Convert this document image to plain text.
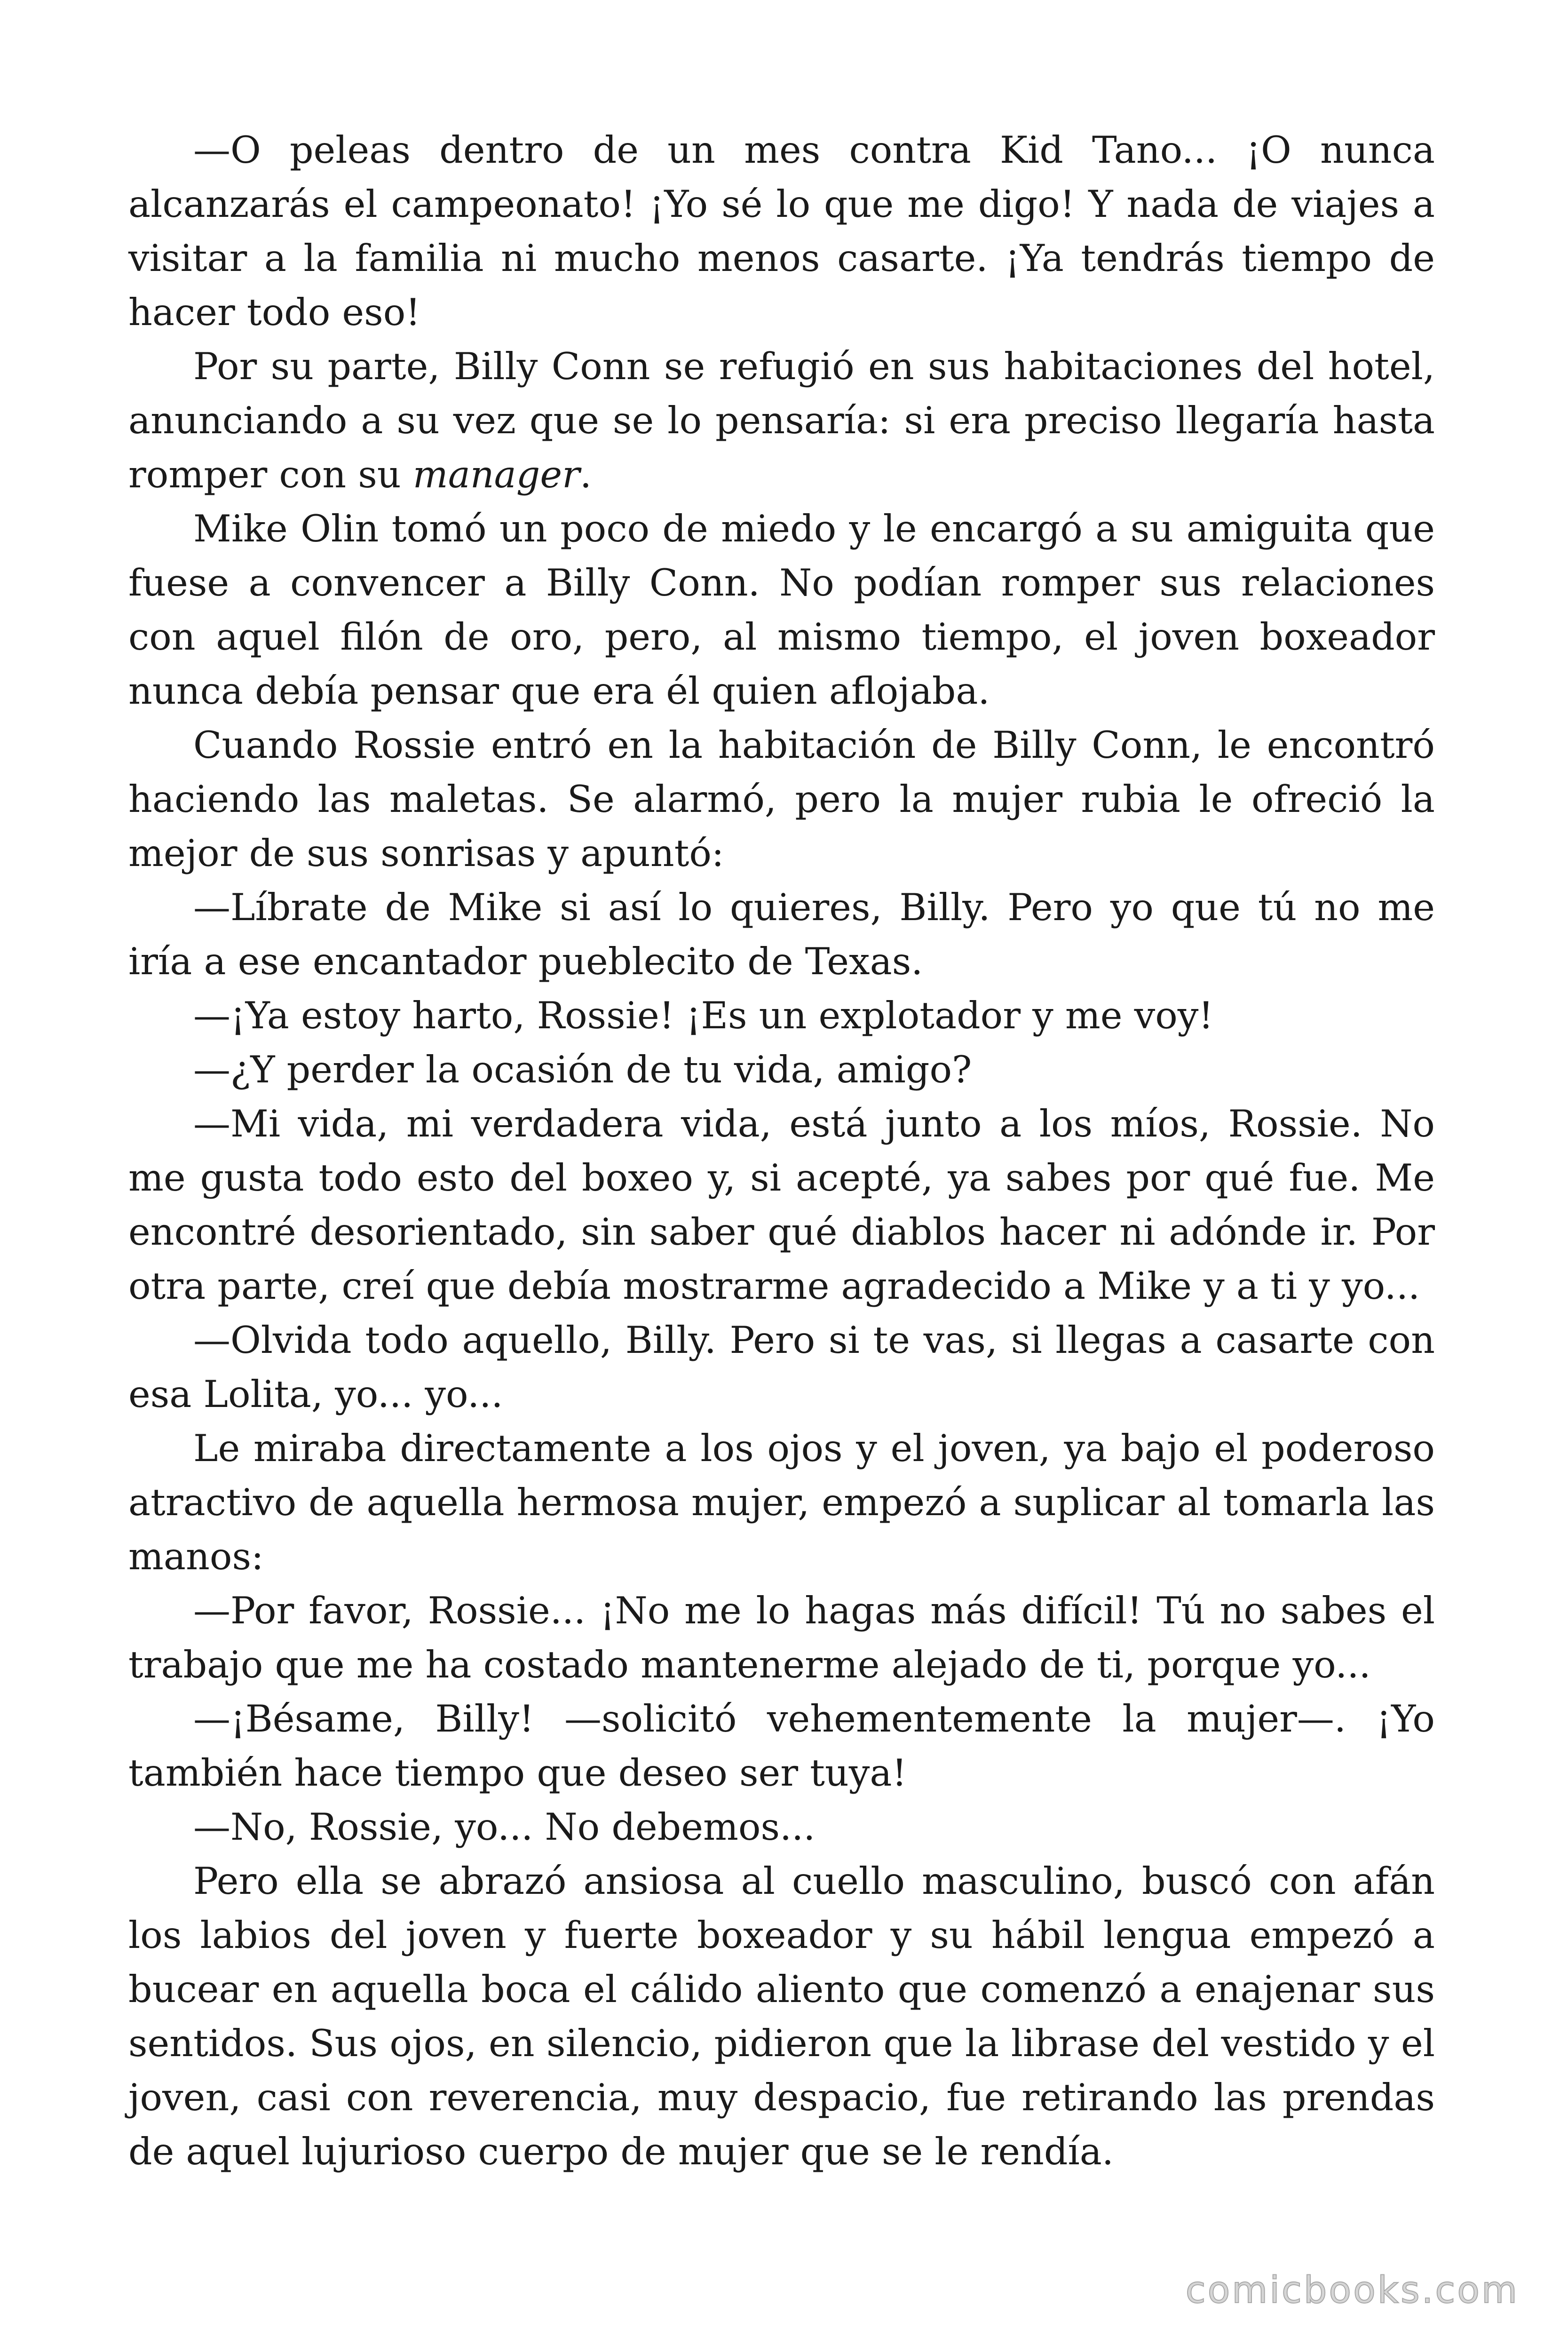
—O peleas dentro de un mes contra Kid Tano... ¡O nunca alcanzarás el campeonato! ¡Yo sé lo que me digo! Y nada de viajes a visitar a la familia ni mucho menos casarte. ¡Ya tendrás tiempo de hacer todo eso!

Por su parte, Billy Conn se refugió en sus habitaciones del hotel, anunciando a su vez que se lo pensaría: si era preciso llegaría hasta romper con su manager.

Mike Olin tomó un poco de miedo y le encargó a su amiguita que fuese a convencer a Billy Conn. No podían romper sus relaciones con aquel filón de oro, pero, al mismo tiempo, el joven boxeador nunca debía pensar que era él quien aflojaba.

Cuando Rossie entró en la habitación de Billy Conn, le encontró haciendo las maletas. Se alarmó, pero la mujer rubia le ofreció la mejor de sus sonrisas y apuntó:

—Líbrate de Mike si así lo quieres, Billy. Pero yo que tú no me iría a ese encantador pueblecito de Texas.

—¡Ya estoy harto, Rossie! ¡Es un explotador y me voy!

—¿Y perder la ocasión de tu vida, amigo?

—Mi vida, mi verdadera vida, está junto a los míos, Rossie. No me gusta todo esto del boxeo y, si acepté, ya sabes por qué fue. Me encontré desorientado, sin saber qué diablos hacer ni adónde ir. Por otra parte, creí que debía mostrarme agradecido a Mike y a ti y yo...

—Olvida todo aquello, Billy. Pero si te vas, si llegas a casarte con esa Lolita, yo... yo...

Le miraba directamente a los ojos y el joven, ya bajo el poderoso atractivo de aquella hermosa mujer, empezó a suplicar al tomarla las manos:

—Por favor, Rossie... ¡No me lo hagas más difícil! Tú no sabes el trabajo que me ha costado mantenerme alejado de ti, porque yo...

—¡Bésame, Billy! —solicitó vehementemente la mujer—. ¡Yo también hace tiempo que deseo ser tuya!

—No, Rossie, yo... No debemos...

Pero ella se abrazó ansiosa al cuello masculino, buscó con afán los labios del joven y fuerte boxeador y su hábil lengua empezó a bucear en aquella boca el cálido aliento que comenzó a enajenar sus sentidos. Sus ojos, en silencio, pidieron que la librase del vestido y el joven, casi con reverencia, muy despacio, fue retirando las prendas de aquel lujurioso cuerpo de mujer que se le rendía.

comicbooks.com
